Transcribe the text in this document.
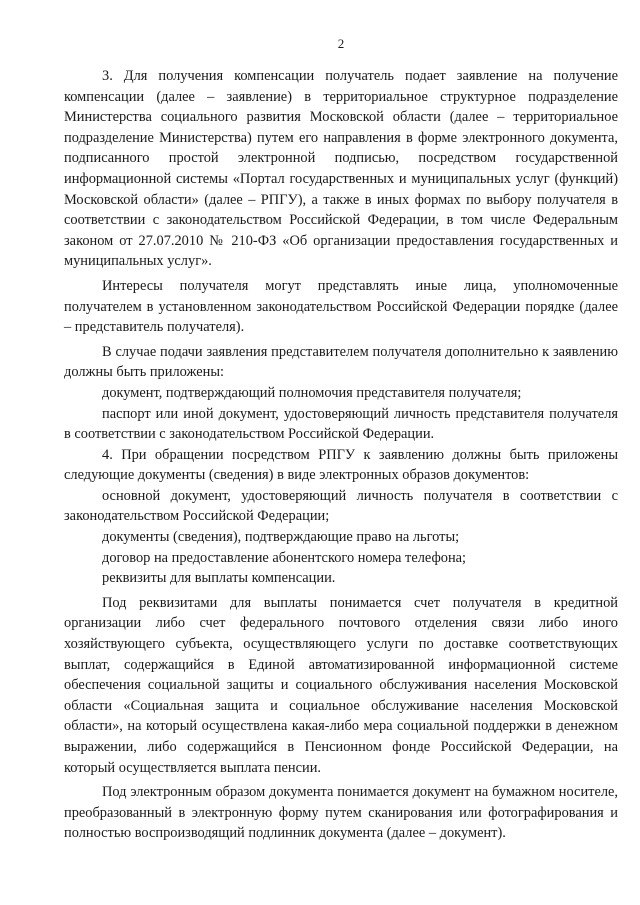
2

3. Для получения компенсации получатель подает заявление на получение компенсации (далее – заявление) в территориальное структурное подразделение Министерства социального развития Московской области (далее – территориальное подразделение Министерства) путем его направления в форме электронного документа, подписанного простой электронной подписью, посредством государственной информационной системы «Портал государственных и муниципальных услуг (функций) Московской области» (далее – РПГУ), а также в иных формах по выбору получателя в соответствии с законодательством Российской Федерации, в том числе Федеральным законом от 27.07.2010 № 210-ФЗ «Об организации предоставления государственных и муниципальных услуг».

Интересы получателя могут представлять иные лица, уполномоченные получателем в установленном законодательством Российской Федерации порядке (далее – представитель получателя).

В случае подачи заявления представителем получателя дополнительно к заявлению должны быть приложены:

документ, подтверждающий полномочия представителя получателя;

паспорт или иной документ, удостоверяющий личность представителя получателя в соответствии с законодательством Российской Федерации.

4. При обращении посредством РПГУ к заявлению должны быть приложены следующие документы (сведения) в виде электронных образов документов:

основной документ, удостоверяющий личность получателя в соответствии с законодательством Российской Федерации;

документы (сведения), подтверждающие право на льготы;

договор на предоставление абонентского номера телефона;

реквизиты для выплаты компенсации.

Под реквизитами для выплаты понимается счет получателя в кредитной организации либо счет федерального почтового отделения связи либо иного хозяйствующего субъекта, осуществляющего услуги по доставке соответствующих выплат, содержащийся в Единой автоматизированной информационной системе обеспечения социальной защиты и социального обслуживания населения Московской области «Социальная защита и социальное обслуживание населения Московской области», на который осуществлена какая-либо мера социальной поддержки в денежном выражении, либо содержащийся в Пенсионном фонде Российской Федерации, на который осуществляется выплата пенсии.

Под электронным образом документа понимается документ на бумажном носителе, преобразованный в электронную форму путем сканирования или фотографирования и полностью воспроизводящий подлинник документа (далее – документ).
